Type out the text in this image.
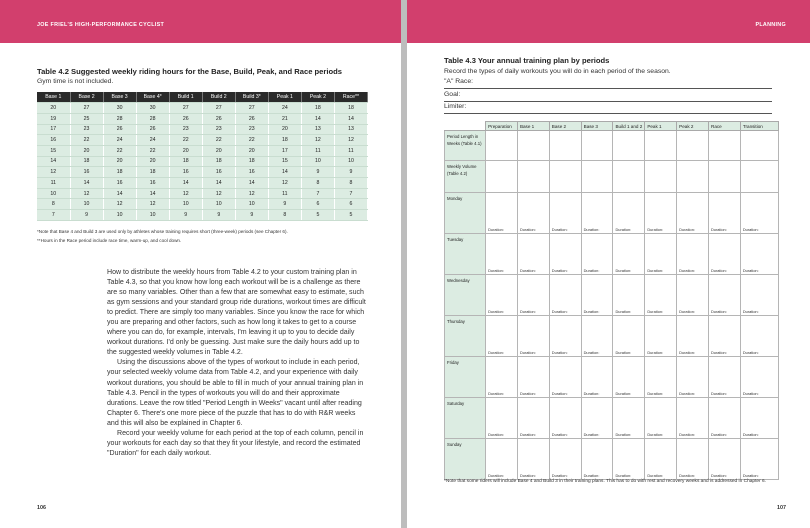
JOE FRIEL'S HIGH-PERFORMANCE CYCLIST
Table 4.2 Suggested weekly riding hours for the Base, Build, Peak, and Race periods
Gym time is not included.
Base 1	Base 2	Base 3	Base 4*	Build 1	Build 2	Build 3*	Peak 1	Peak 2	Race**
20	27	30	30	27	27	27	24	18	18
19	25	28	28	26	26	26	21	14	14
17	23	26	26	23	23	23	20	13	13
16	22	24	24	22	22	22	18	12	12
15	20	22	22	20	20	20	17	11	11
14	18	20	20	18	18	18	15	10	10
12	16	18	18	16	16	16	14	9	9
11	14	16	16	14	14	14	12	8	8
10	12	14	14	12	12	12	11	7	7
8	10	12	12	10	10	10	9	6	6
7	9	10	10	9	9	9	8	5	5
*Note that Base 4 and Build 3 are used only by athletes whose training requires short (three-week) periods (see Chapter 6).
**Hours in the Race period include race time, warm-up, and cool down.

How to distribute the weekly hours from Table 4.2 to your custom training plan in Table 4.3, so that you know how long each workout will be is a challenge as there are so many variables. Other than a few that are somewhat easy to estimate, such as gym sessions and your standard group ride durations, workout times are difficult to predict. There are simply too many variables. Since you know the race for which you are preparing and other factors, such as how long it takes to get to a course where you can do, for example, intervals, I'm leaving it up to you to decide daily workout durations. I'd only be guessing. Just make sure the daily hours add up to the suggested weekly volumes in Table 4.2.

Using the discussions above of the types of workout to include in each period, your selected weekly volume data from Table 4.2, and your experience with daily workout durations, you should be able to fill in much of your annual training plan in Table 4.3. Pencil in the types of workouts you will do and their approximate durations. Leave the row titled "Period Length in Weeks" vacant until after reading Chapter 6. There's one more piece of the puzzle that has to do with R&R weeks and this will also be explained in Chapter 6.

Record your weekly volume for each period at the top of each column, pencil in your workouts for each day so that they fit your lifestyle, and record the estimated "Duration" for each daily workout.

106
PLANNING
Table 4.3 Your annual training plan by periods
Record the types of daily workouts you will do in each period of the season.
"A" Race:
Goal:
Limiter:
	Preparation	Base 1	Base 2	Base 3	Build 1 and 2	Peak 1	Peak 2	Race	Transition
Period Length in Weeks (Table 4.1)									
Weekly Volume (Table 4.2)									
Monday	Duration:	Duration:	Duration:	Duration:	Duration:	Duration:	Duration:	Duration:	Duration:
Tuesday	Duration:	Duration:	Duration:	Duration:	Duration:	Duration:	Duration:	Duration:	Duration:
Wednesday	Duration:	Duration:	Duration:	Duration:	Duration:	Duration:	Duration:	Duration:	Duration:
Thursday	Duration:	Duration:	Duration:	Duration:	Duration:	Duration:	Duration:	Duration:	Duration:
Friday	Duration:	Duration:	Duration:	Duration:	Duration:	Duration:	Duration:	Duration:	Duration:
Saturday	Duration:	Duration:	Duration:	Duration:	Duration:	Duration:	Duration:	Duration:	Duration:
Sunday	Duration:	Duration:	Duration:	Duration:	Duration:	Duration:	Duration:	Duration:	Duration:
*Note that some riders will include Base 4 and Build 3 in their training plans. This has to do with rest and recovery weeks and is addressed in Chapter 6.
107
